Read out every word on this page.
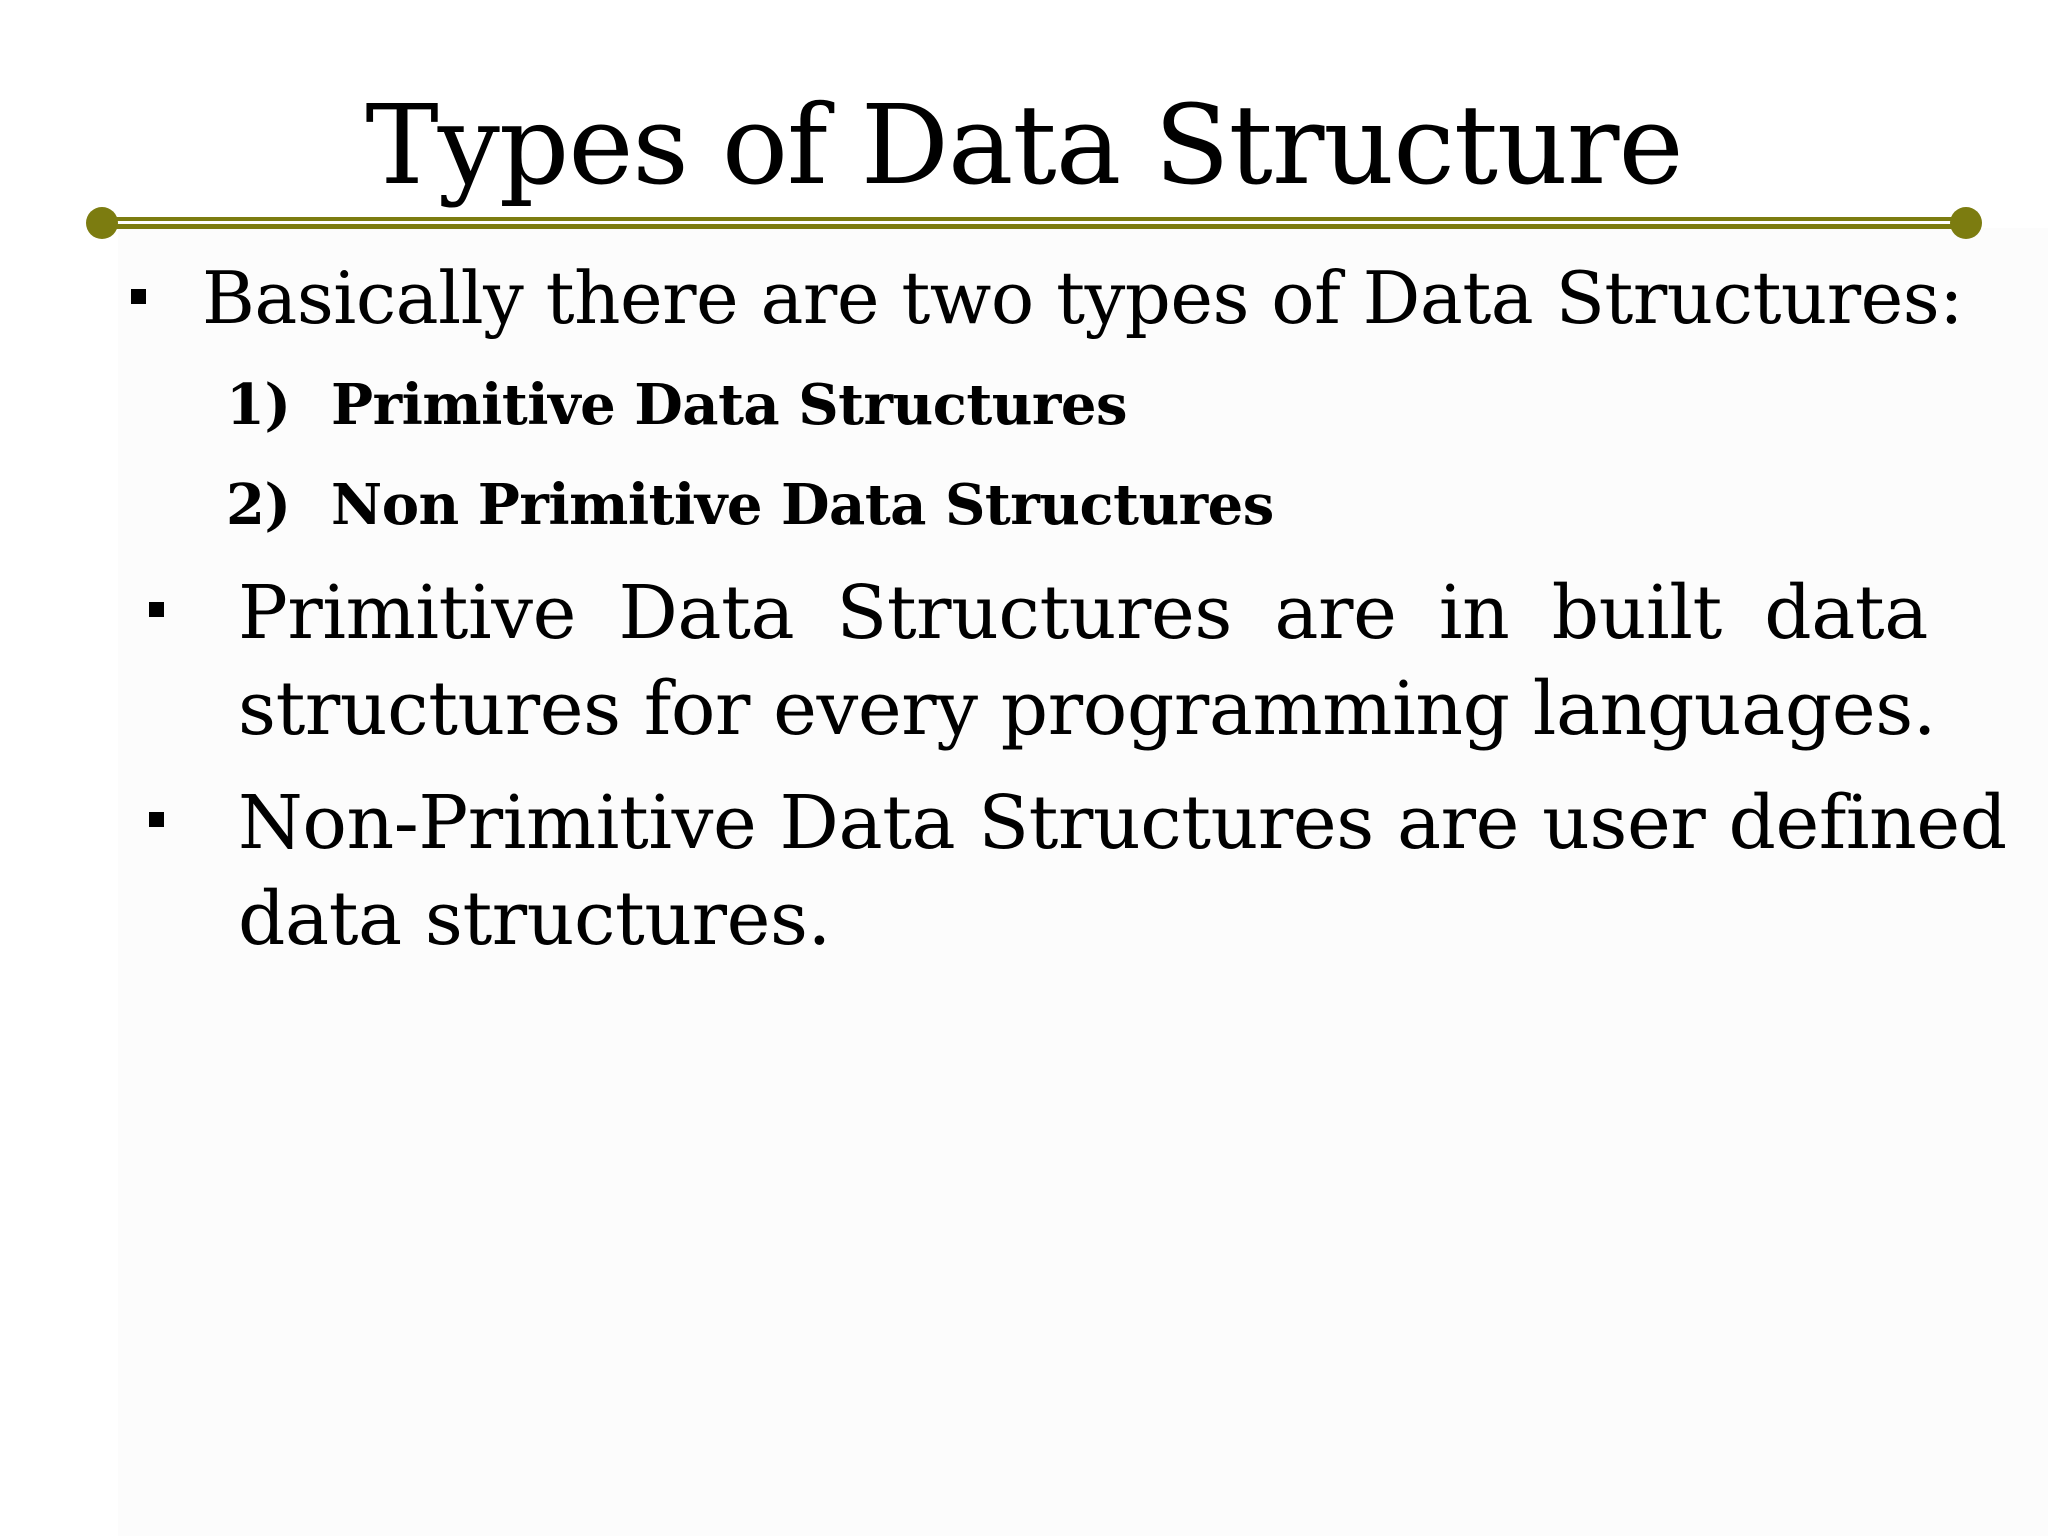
Types of Data Structure
Basically there are two types of Data Structures:
1) Primitive Data Structures
2) Non Primitive Data Structures
Primitive Data Structures are in built data
structures for every programming languages.
Non-Primitive Data Structures are user defined
data structures.
